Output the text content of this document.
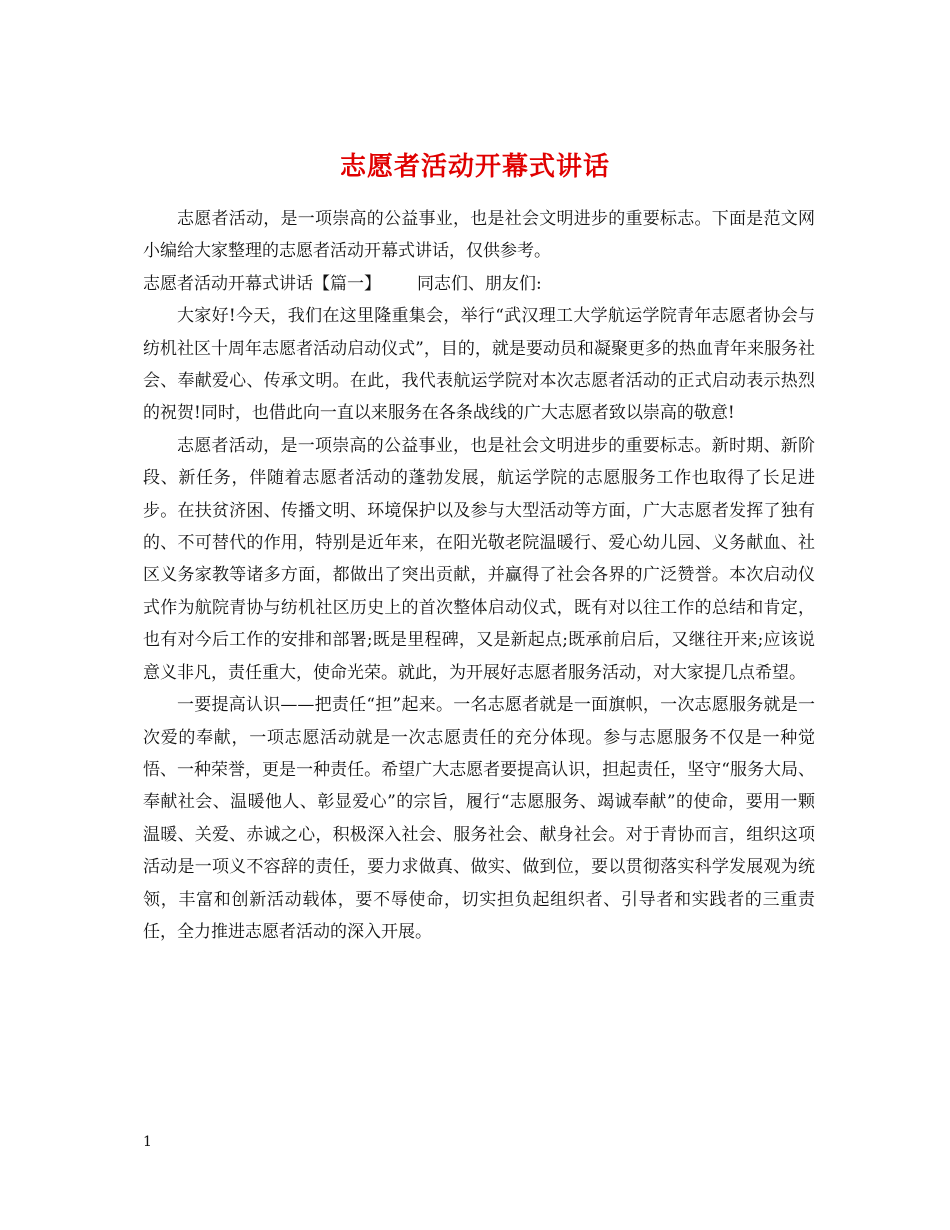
志愿者活动开幕式讲话

志愿者活动，是一项崇高的公益事业，也是社会文明进步的重要标志。下面是范文网小编给大家整理的志愿者活动开幕式讲话，仅供参考。

志愿者活动开幕式讲话【篇一】 同志们、朋友们:

大家好!今天，我们在这里隆重集会，举行“武汉理工大学航运学院青年志愿者协会与纺机社区十周年志愿者活动启动仪式”，目的，就是要动员和凝聚更多的热血青年来服务社会、奉献爱心、传承文明。在此，我代表航运学院对本次志愿者活动的正式启动表示热烈的祝贺!同时，也借此向一直以来服务在各条战线的广大志愿者致以崇高的敬意!

志愿者活动，是一项崇高的公益事业，也是社会文明进步的重要标志。新时期、新阶段、新任务，伴随着志愿者活动的蓬勃发展，航运学院的志愿服务工作也取得了长足进步。在扶贫济困、传播文明、环境保护以及参与大型活动等方面，广大志愿者发挥了独有的、不可替代的作用，特别是近年来，在阳光敬老院温暖行、爱心幼儿园、义务献血、社区义务家教等诸多方面，都做出了突出贡献，并赢得了社会各界的广泛赞誉。本次启动仪式作为航院青协与纺机社区历史上的首次整体启动仪式，既有对以往工作的总结和肯定，也有对今后工作的安排和部署;既是里程碑，又是新起点;既承前启后，又继往开来;应该说意义非凡，责任重大，使命光荣。就此，为开展好志愿者服务活动，对大家提几点希望。

一要提高认识——把责任“担”起来。一名志愿者就是一面旗帜，一次志愿服务就是一次爱的奉献，一项志愿活动就是一次志愿责任的充分体现。参与志愿服务不仅是一种觉悟、一种荣誉，更是一种责任。希望广大志愿者要提高认识，担起责任，坚守“服务大局、奉献社会、温暖他人、彰显爱心”的宗旨，履行“志愿服务、竭诚奉献”的使命，要用一颗温暖、关爱、赤诚之心，积极深入社会、服务社会、献身社会。对于青协而言，组织这项活动是一项义不容辞的责任，要力求做真、做实、做到位，要以贯彻落实科学发展观为统领，丰富和创新活动载体，要不辱使命，切实担负起组织者、引导者和实践者的三重责任，全力推进志愿者活动的深入开展。

1
